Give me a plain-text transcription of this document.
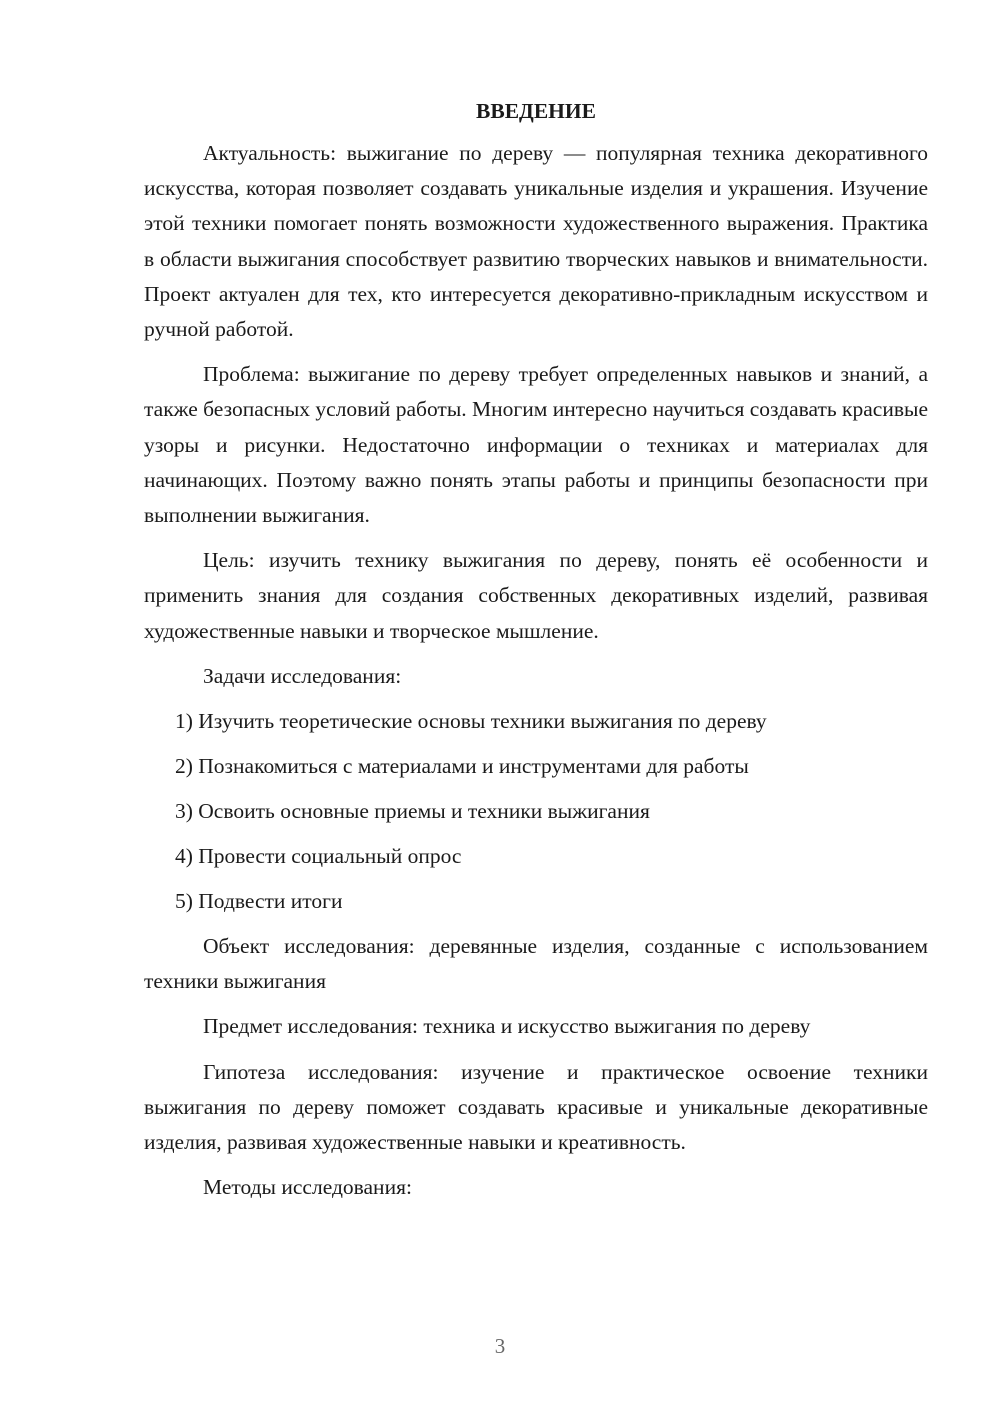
ВВЕДЕНИЕ

Актуальность: выжигание по дереву — популярная техника декоративного искусства, которая позволяет создавать уникальные изделия и украшения. Изучение этой техники помогает понять возможности художественного выражения. Практика в области выжигания способствует развитию творческих навыков и внимательности. Проект актуален для тех, кто интересуется декоративно-прикладным искусством и ручной работой.

Проблема: выжигание по дереву требует определенных навыков и знаний, а также безопасных условий работы. Многим интересно научиться создавать красивые узоры и рисунки. Недостаточно информации о техниках и материалах для начинающих. Поэтому важно понять этапы работы и принципы безопасности при выполнении выжигания.

Цель: изучить технику выжигания по дереву, понять её особенности и применить знания для создания собственных декоративных изделий, развивая художественные навыки и творческое мышление.

Задачи исследования:

1) Изучить теоретические основы техники выжигания по дереву
2) Познакомиться с материалами и инструментами для работы
3) Освоить основные приемы и техники выжигания
4) Провести социальный опрос
5) Подвести итоги

Объект исследования: деревянные изделия, созданные с использованием техники выжигания

Предмет исследования: техника и искусство выжигания по дереву

Гипотеза исследования: изучение и практическое освоение техники выжигания по дереву поможет создавать красивые и уникальные декоративные изделия, развивая художественные навыки и креативность.

Методы исследования:

3
